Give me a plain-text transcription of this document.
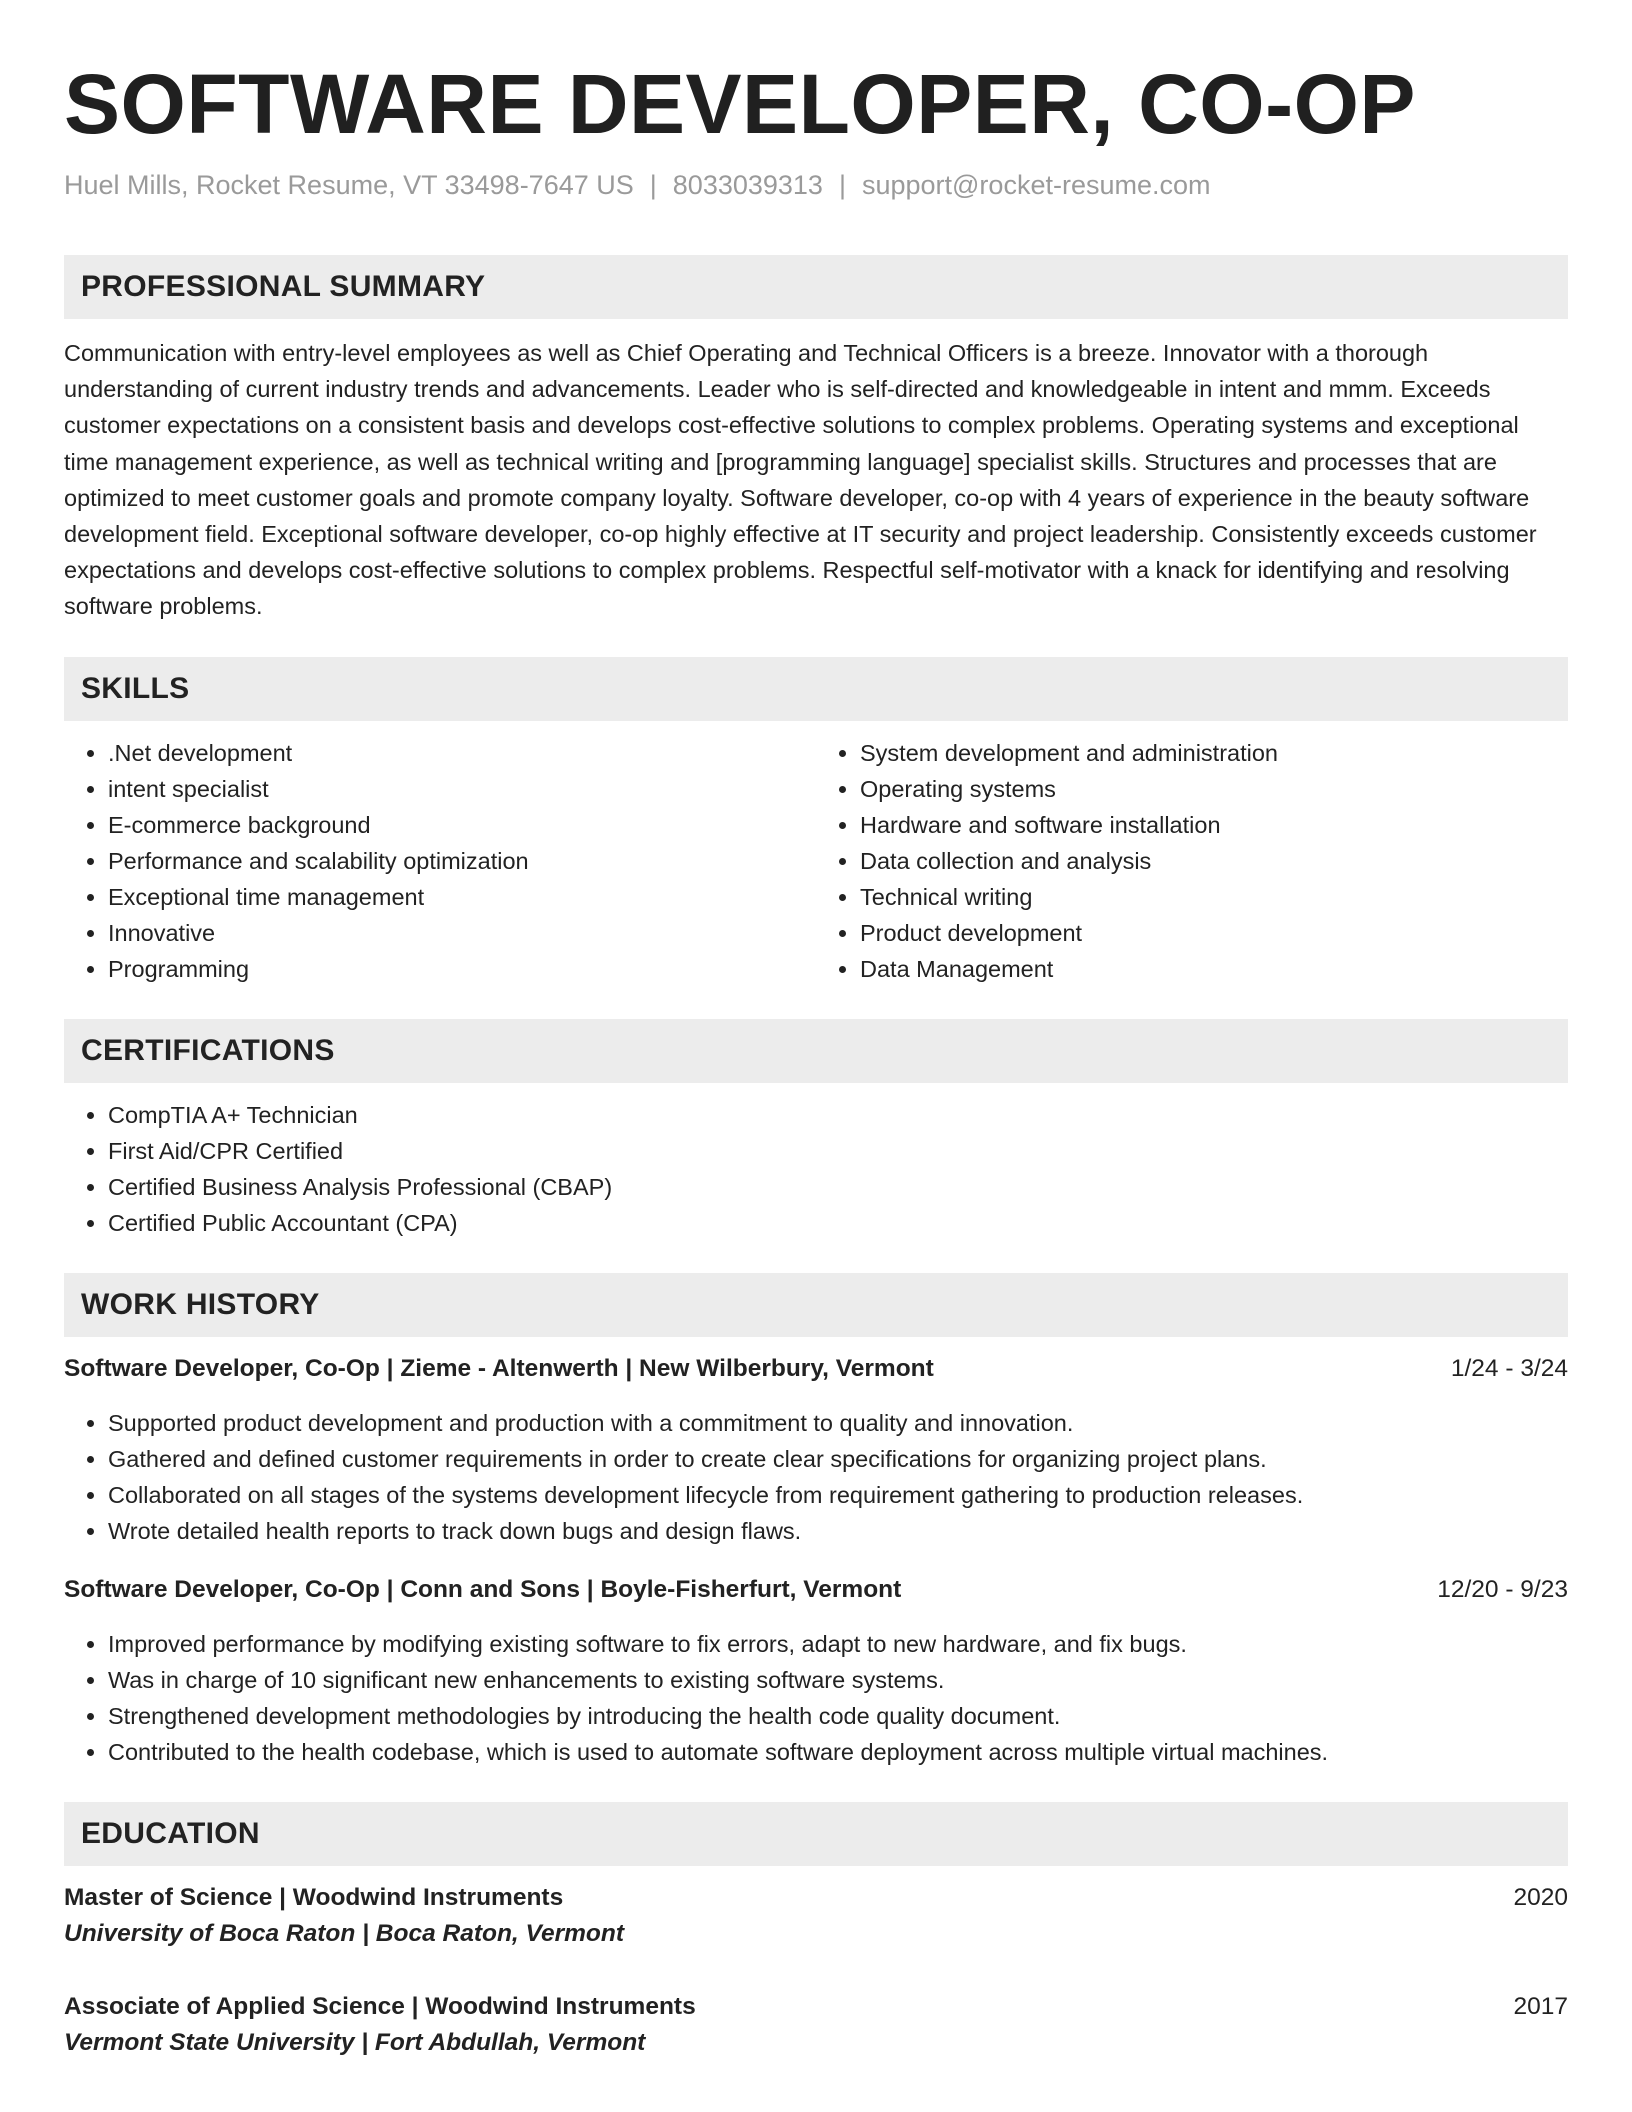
SOFTWARE DEVELOPER, CO-OP
Huel Mills, Rocket Resume, VT 33498-7647 US | 8033039313 | support@rocket-resume.com
PROFESSIONAL SUMMARY

Communication with entry-level employees as well as Chief Operating and Technical Officers is a breeze. Innovator with a thorough understanding of current industry trends and advancements. Leader who is self-directed and knowledgeable in intent and mmm. Exceeds customer expectations on a consistent basis and develops cost-effective solutions to complex problems. Operating systems and exceptional time management experience, as well as technical writing and [programming language] specialist skills. Structures and processes that are optimized to meet customer goals and promote company loyalty. Software developer, co-op with 4 years of experience in the beauty software development field. Exceptional software developer, co-op highly effective at IT security and project leadership. Consistently exceeds customer expectations and develops cost-effective solutions to complex problems. Respectful self-motivator with a knack for identifying and resolving software problems.

SKILLS
• .Net development
• intent specialist
• E-commerce background
• Performance and scalability optimization
• Exceptional time management
• Innovative
• Programming
• System development and administration
• Operating systems
• Hardware and software installation
• Data collection and analysis
• Technical writing
• Product development
• Data Management
CERTIFICATIONS
• CompTIA A+ Technician
• First Aid/CPR Certified
• Certified Business Analysis Professional (CBAP)
• Certified Public Accountant (CPA)
WORK HISTORY
Software Developer, Co-Op | Zieme - Altenwerth | New Wilberbury, Vermont	1/24 - 3/24
• Supported product development and production with a commitment to quality and innovation.
• Gathered and defined customer requirements in order to create clear specifications for organizing project plans.
• Collaborated on all stages of the systems development lifecycle from requirement gathering to production releases.
• Wrote detailed health reports to track down bugs and design flaws.
Software Developer, Co-Op | Conn and Sons | Boyle-Fisherfurt, Vermont	12/20 - 9/23
• Improved performance by modifying existing software to fix errors, adapt to new hardware, and fix bugs.
• Was in charge of 10 significant new enhancements to existing software systems.
• Strengthened development methodologies by introducing the health code quality document.
• Contributed to the health codebase, which is used to automate software deployment across multiple virtual machines.
EDUCATION
Master of Science | Woodwind Instruments	2020
University of Boca Raton | Boca Raton, Vermont
Associate of Applied Science | Woodwind Instruments	2017
Vermont State University | Fort Abdullah, Vermont
